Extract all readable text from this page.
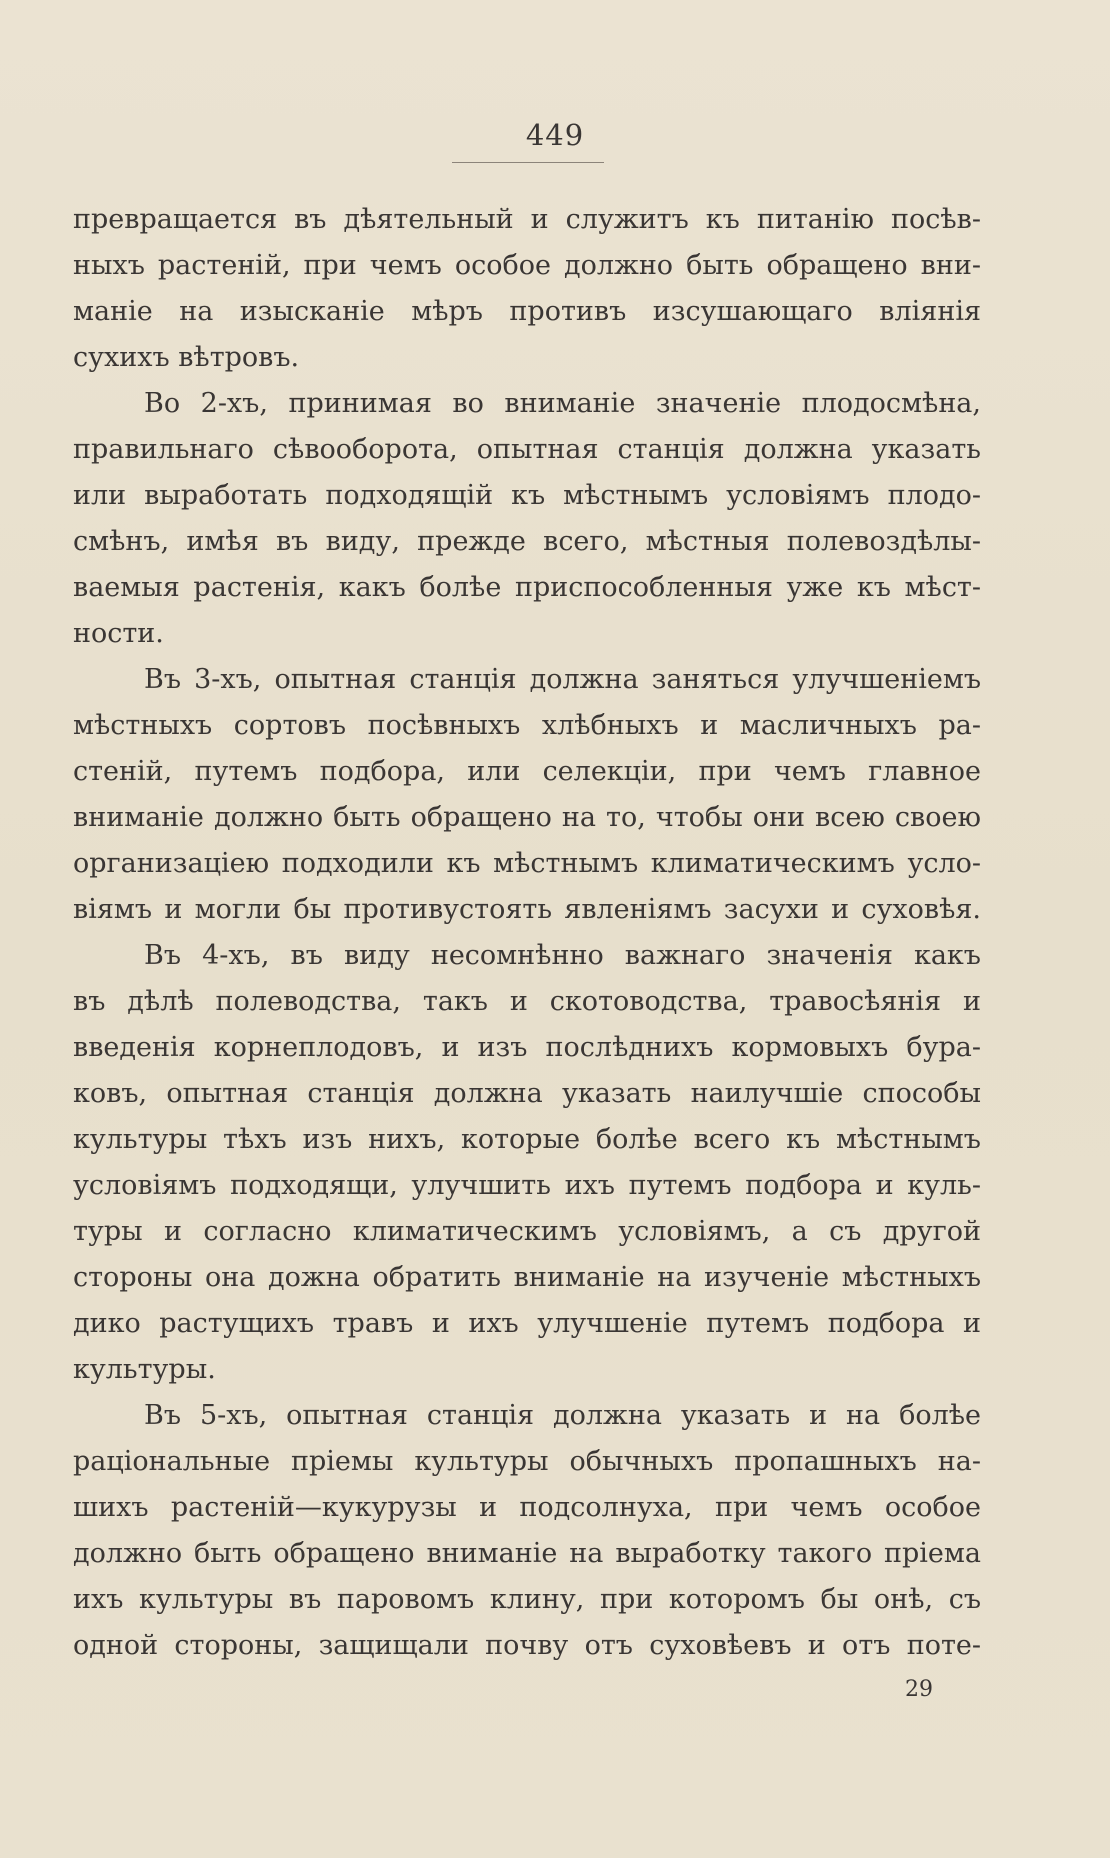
449
превращается въ дѣятельный и служитъ къ питанію посѣв-
ныхъ растеній, при чемъ особое должно быть обращено вни-
маніе на изысканіе мѣръ противъ изсушающаго вліянія
сухихъ вѣтровъ.
Во 2-хъ, принимая во вниманіе значеніе плодосмѣна,
правильнаго сѣвооборота, опытная станція должна указать
или выработать подходящій къ мѣстнымъ условіямъ плодо-
смѣнъ, имѣя въ виду, прежде всего, мѣстныя полевоздѣлы-
ваемыя растенія, какъ болѣе приспособленныя уже къ мѣст-
ности.
Въ 3-хъ, опытная станція должна заняться улучшеніемъ
мѣстныхъ сортовъ посѣвныхъ хлѣбныхъ и масличныхъ ра-
стеній, путемъ подбора, или селекціи, при чемъ главное
вниманіе должно быть обращено на то, чтобы они всею своею
организаціею подходили къ мѣстнымъ климатическимъ усло-
віямъ и могли бы противустоять явленіямъ засухи и суховѣя.
Въ 4-хъ, въ виду несомнѣнно важнаго значенія какъ
въ дѣлѣ полеводства, такъ и скотоводства, травосѣянія и
введенія корнеплодовъ, и изъ послѣднихъ кормовыхъ бура-
ковъ, опытная станція должна указать наилучшіе способы
культуры тѣхъ изъ нихъ, которые болѣе всего къ мѣстнымъ
условіямъ подходящи, улучшить ихъ путемъ подбора и куль-
туры и согласно климатическимъ условіямъ, а съ другой
стороны она дожна обратить вниманіе на изученіе мѣстныхъ
дико растущихъ травъ и ихъ улучшеніе путемъ подбора и
культуры.
Въ 5-хъ, опытная станція должна указать и на болѣе
раціональные пріемы культуры обычныхъ пропашныхъ на-
шихъ растеній—кукурузы и подсолнуха, при чемъ особое
должно быть обращено вниманіе на выработку такого пріема
ихъ культуры въ паровомъ клину, при которомъ бы онѣ, съ
одной стороны, защищали почву отъ суховѣевъ и отъ поте-
29
